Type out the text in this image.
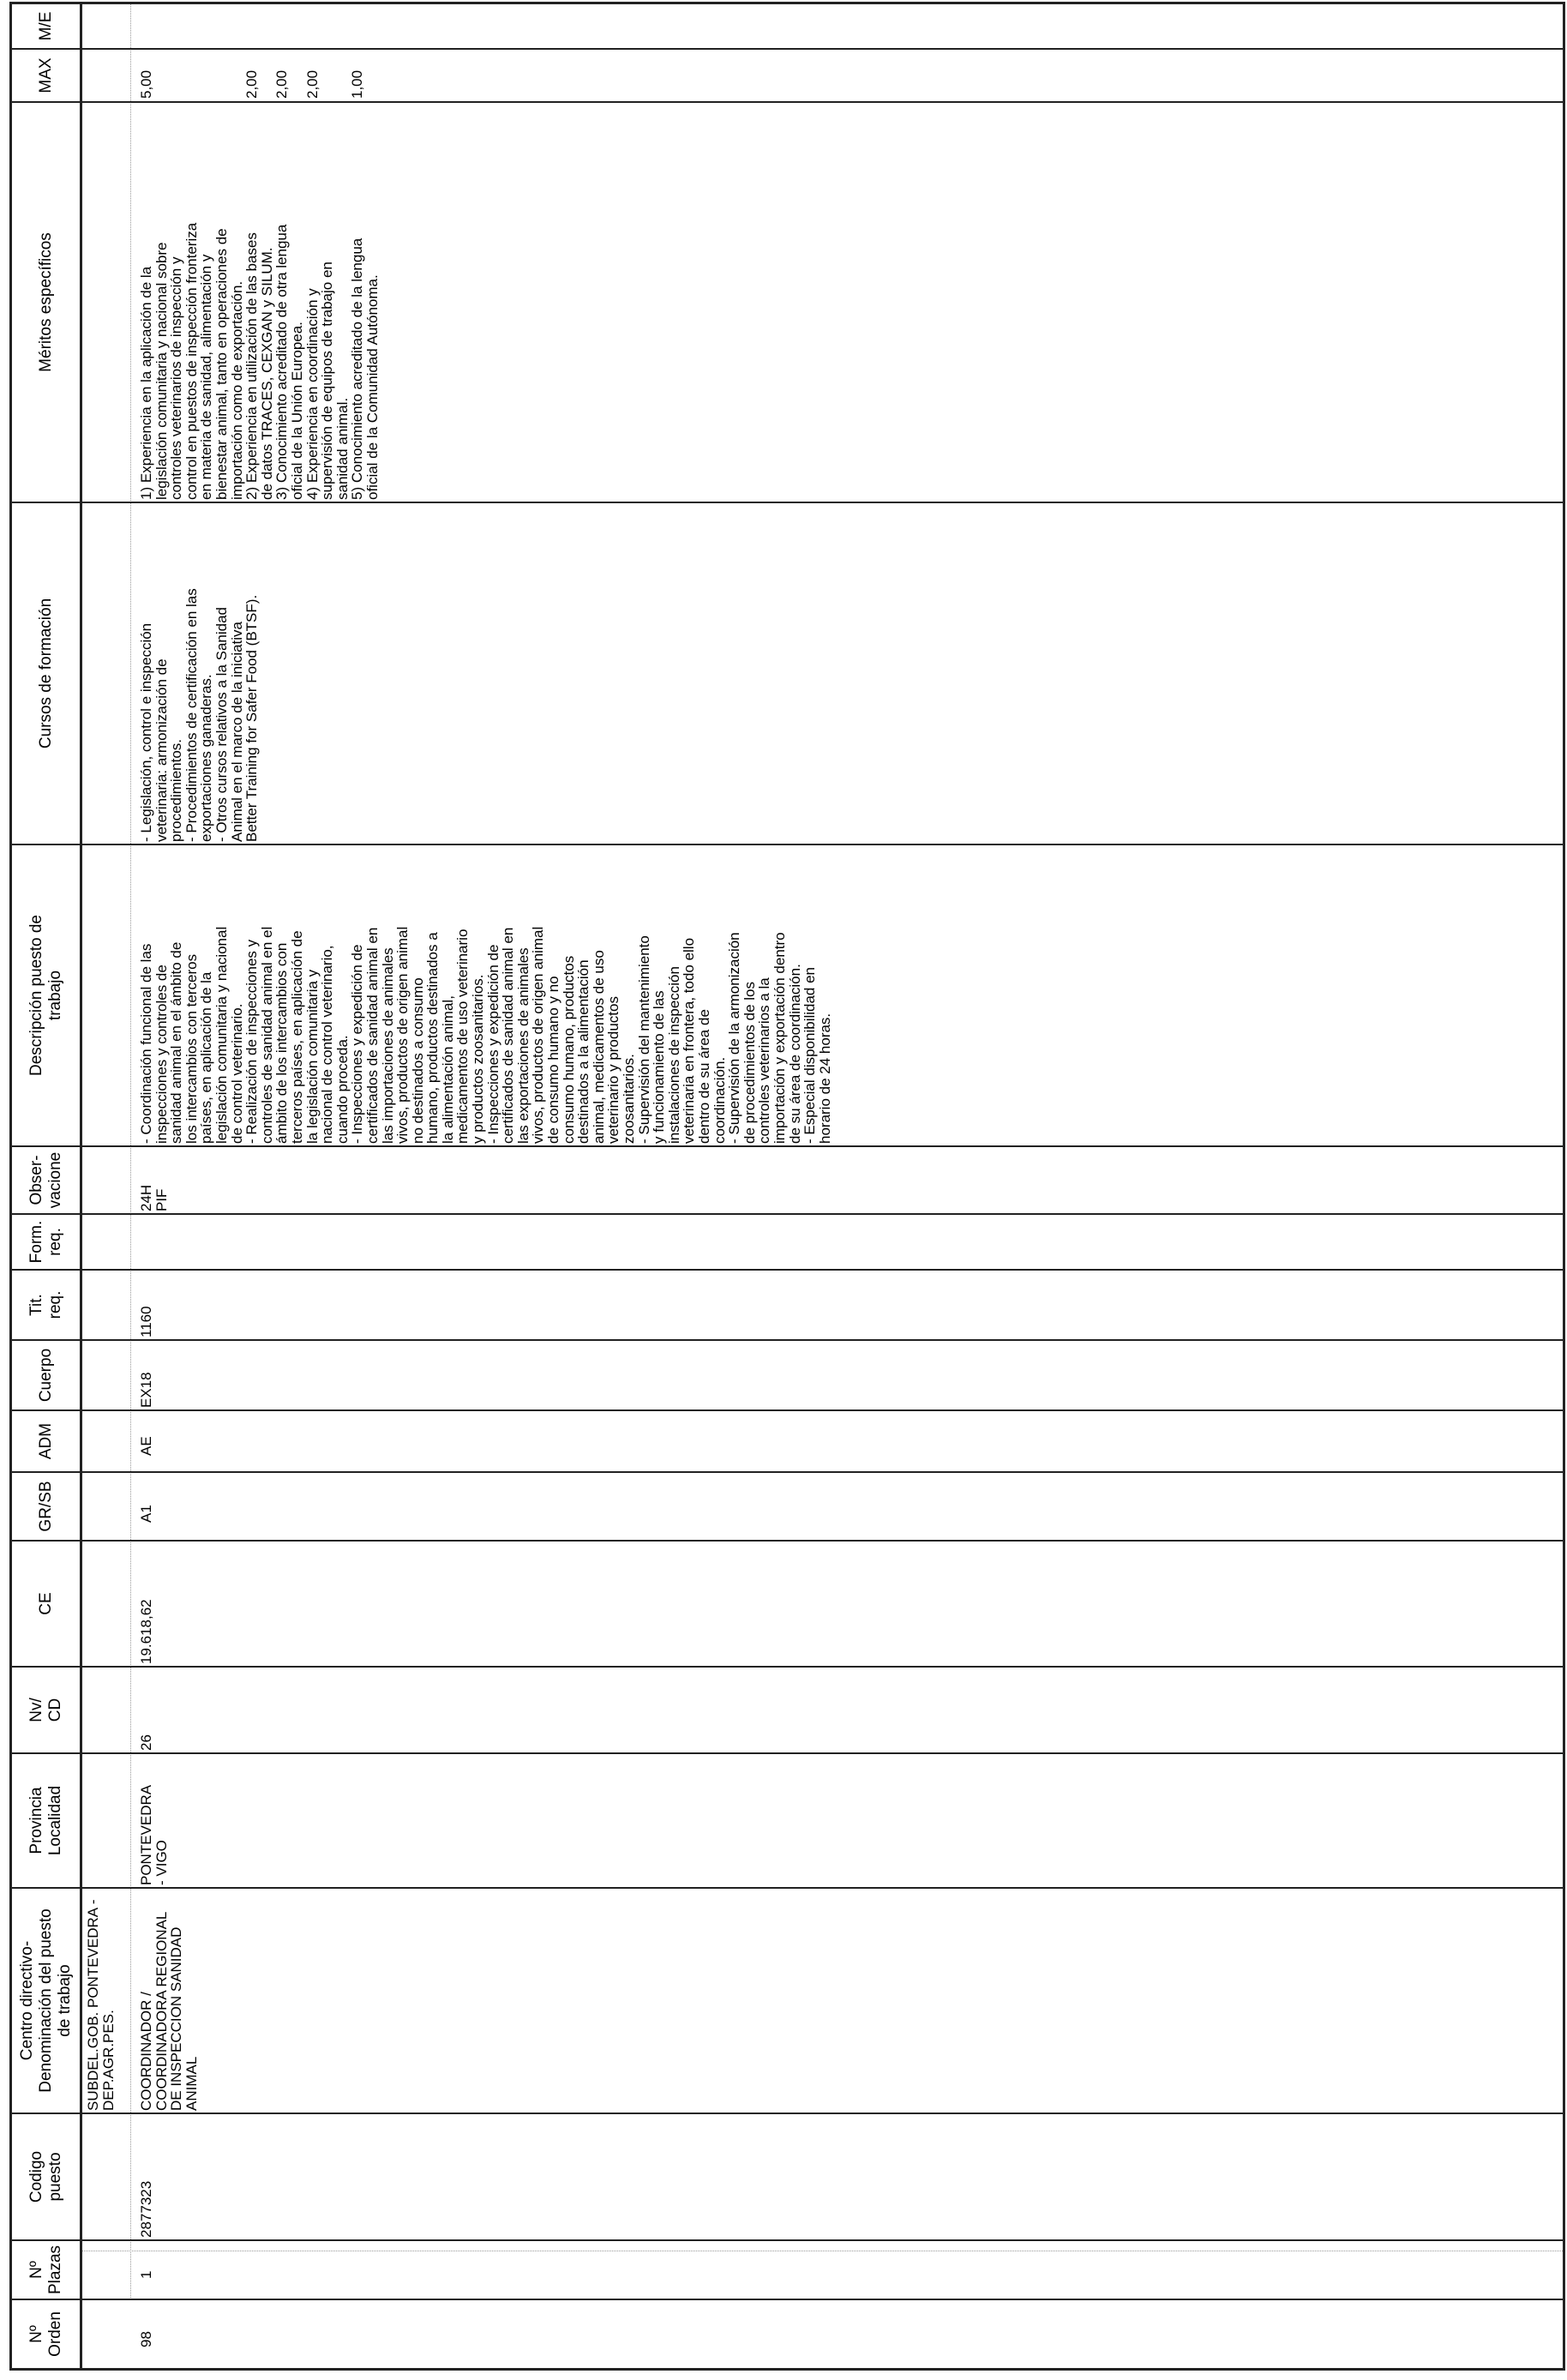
Nº
Orden
Nº
Plazas
Codigo
puesto
Centro directivo-
Denominación del puesto
de trabajo
Provincia
Localidad
Nv/
CD
CE
GR/SB
ADM
Cuerpo
Tit.
req.
Form.
req.
Obser-
vacione
Descripción puesto de
trabajo
Cursos de formación
Méritos específicos
MAX
M/E
SUBDEL.GOB. PONTEVEDRA -
DEP.AGR.PES.
98
1
2877323
COORDINADOR /
COORDINADORA REGIONAL
DE INSPECCION SANIDAD
ANIMAL
PONTEVEDRA
- VIGO
26
19.618,62
A1
AE
EX18
1160
24H
PIF
- Coordinación funcional de las
inspecciones y controles de
sanidad animal en el ámbito de
los intercambios con terceros
países, en aplicación de la
legislación comunitaria y nacional
de control veterinario.
- Realización de inspecciones y
controles de sanidad animal en el
ámbito de los intercambios con
terceros países, en aplicación de
la legislación comunitaria y
nacional de control veterinario,
cuando proceda.
- Inspecciones y expedición de
certificados de sanidad animal en
las importaciones de animales
vivos, productos de origen animal
no destinados a consumo
humano, productos destinados a
la alimentación animal,
medicamentos de uso veterinario
y productos zoosanitarios.
- Inspecciones y expedición de
certificados de sanidad animal en
las exportaciones de animales
vivos, productos de origen animal
de consumo humano y no
consumo humano, productos
destinados a la alimentación
animal, medicamentos de uso
veterinario y productos
zoosanitarios.
- Supervisión del mantenimiento
y funcionamiento de las
instalaciones de inspección
veterinaria en frontera, todo ello
dentro de su área de
coordinación.
- Supervisión de la armonización
de procedimientos de los
controles veterinarios a la
importación y exportación dentro
de su área de coordinación.
- Especial disponibilidad en
horario de 24 horas.
- Legislación, control e inspección
veterinaria: armonización de
procedimientos.
- Procedimientos de certificación en las
exportaciones ganaderas.
- Otros cursos relativos a la Sanidad
Animal en el marco de la iniciativa
Better Training for Safer Food (BTSF).
1) Experiencia en la aplicación de la
legislación comunitaria y nacional sobre
controles veterinarios de inspección y
control en puestos de inspección fronteriza
en materia de sanidad, alimentación y
bienestar animal, tanto en operaciones de
importación como de exportación.
5,00
2) Experiencia en utilización de las bases
de datos TRACES, CEXGAN y SILUM.
2,00
3) Conocimiento acreditado de otra lengua
oficial de la Unión Europea.
2,00
4) Experiencia en coordinación y
supervisión de equipos de trabajo en
sanidad animal.
2,00
5) Conocimiento acreditado de la lengua
oficial de la Comunidad Autónoma.
1,00
